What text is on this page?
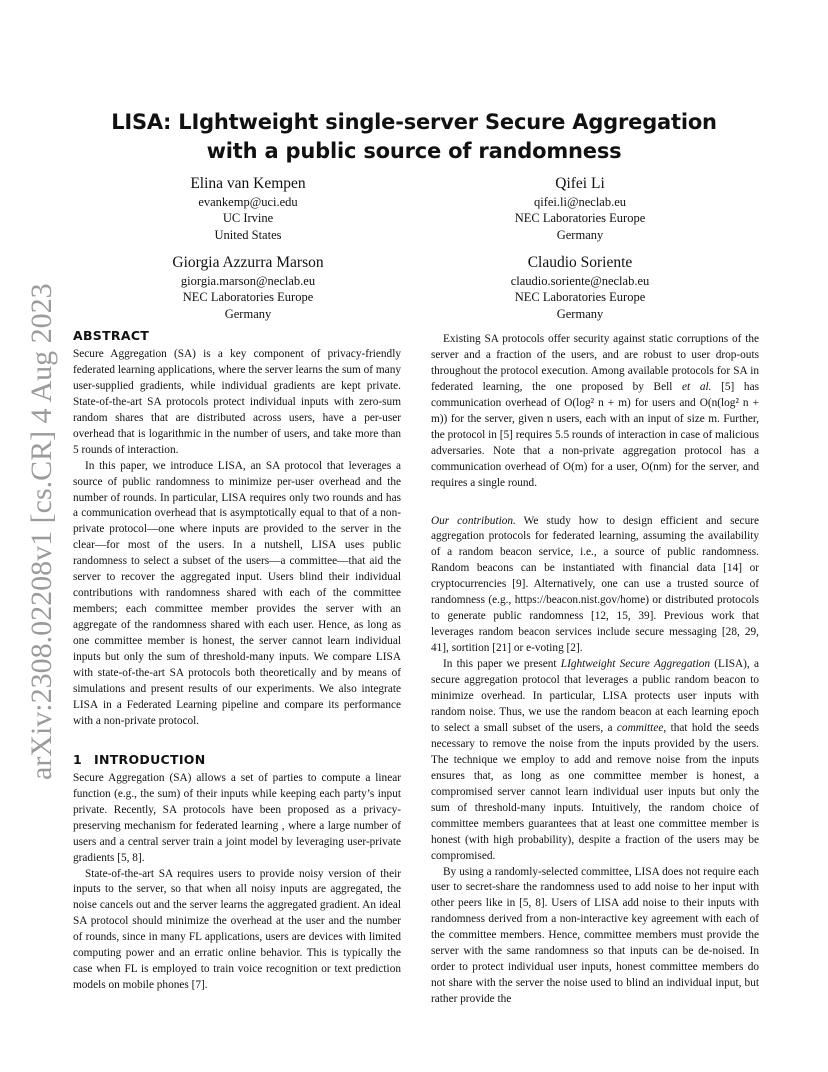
arXiv:2308.02208v1 [cs.CR] 4 Aug 2023
LISA: LIghtweight single-server Secure Aggregation
with a public source of randomness
Elina van Kempen
evankemp@uci.edu
UC Irvine
United States
Qifei Li
qifei.li@neclab.eu
NEC Laboratories Europe
Germany
Giorgia Azzurra Marson
giorgia.marson@neclab.eu
NEC Laboratories Europe
Germany
Claudio Soriente
claudio.soriente@neclab.eu
NEC Laboratories Europe
Germany
ABSTRACT

Secure Aggregation (SA) is a key component of privacy-friendly federated learning applications, where the server learns the sum of many user-supplied gradients, while individual gradients are kept private. State-of-the-art SA protocols protect individual inputs with zero-sum random shares that are distributed across users, have a per-user overhead that is logarithmic in the number of users, and take more than 5 rounds of interaction.

In this paper, we introduce LISA, an SA protocol that leverages a source of public randomness to minimize per-user overhead and the number of rounds. In particular, LISA requires only two rounds and has a communication overhead that is asymptotically equal to that of a non-private protocol—one where inputs are provided to the server in the clear—for most of the users. In a nutshell, LISA uses public randomness to select a subset of the users—a committee—that aid the server to recover the aggregated input. Users blind their individual contributions with randomness shared with each of the committee members; each committee member provides the server with an aggregate of the randomness shared with each user. Hence, as long as one committee member is honest, the server cannot learn individual inputs but only the sum of threshold-many inputs. We compare LISA with state-of-the-art SA protocols both theoretically and by means of simulations and present results of our experiments. We also integrate LISA in a Federated Learning pipeline and compare its performance with a non-private protocol.

1 INTRODUCTION

Secure Aggregation (SA) allows a set of parties to compute a linear function (e.g., the sum) of their inputs while keeping each party’s input private. Recently, SA protocols have been proposed as a privacy-preserving mechanism for federated learning , where a large number of users and a central server train a joint model by leveraging user-private gradients [5, 8].

State-of-the-art SA requires users to provide noisy version of their inputs to the server, so that when all noisy inputs are aggregated, the noise cancels out and the server learns the aggregated gradient. An ideal SA protocol should minimize the overhead at the user and the number of rounds, since in many FL applications, users are devices with limited computing power and an erratic online behavior. This is typically the case when FL is employed to train voice recognition or text prediction models on mobile phones [7].

Existing SA protocols offer security against static corruptions of the server and a fraction of the users, and are robust to user drop-outs throughout the protocol execution. Among available protocols for SA in federated learning, the one proposed by Bell et al. [5] has communication overhead of O(log² n + m) for users and O(n(log² n + m)) for the server, given n users, each with an input of size m. Further, the protocol in [5] requires 5.5 rounds of interaction in case of malicious adversaries. Note that a non-private aggregation protocol has a communication overhead of O(m) for a user, O(nm) for the server, and requires a single round.

Our contribution. We study how to design efficient and secure aggregation protocols for federated learning, assuming the availability of a random beacon service, i.e., a source of public randomness. Random beacons can be instantiated with financial data [14] or cryptocurrencies [9]. Alternatively, one can use a trusted source of randomness (e.g., https://beacon.nist.gov/home) or distributed protocols to generate public randomness [12, 15, 39]. Previous work that leverages random beacon services include secure messaging [28, 29, 41], sortition [21] or e-voting [2].

In this paper we present LIghtweight Secure Aggregation (LISA), a secure aggregation protocol that leverages a public random beacon to minimize overhead. In particular, LISA protects user inputs with random noise. Thus, we use the random beacon at each learning epoch to select a small subset of the users, a committee, that hold the seeds necessary to remove the noise from the inputs provided by the users. The technique we employ to add and remove noise from the inputs ensures that, as long as one committee member is honest, a compromised server cannot learn individual user inputs but only the sum of threshold-many inputs. Intuitively, the random choice of committee members guarantees that at least one committee member is honest (with high probability), despite a fraction of the users may be compromised.

By using a randomly-selected committee, LISA does not require each user to secret-share the randomness used to add noise to her input with other peers like in [5, 8]. Users of LISA add noise to their inputs with randomness derived from a non-interactive key agreement with each of the committee members. Hence, committee members must provide the server with the same randomness so that inputs can be de-noised. In order to protect individual user inputs, honest committee members do not share with the server the noise used to blind an individual input, but rather provide the
